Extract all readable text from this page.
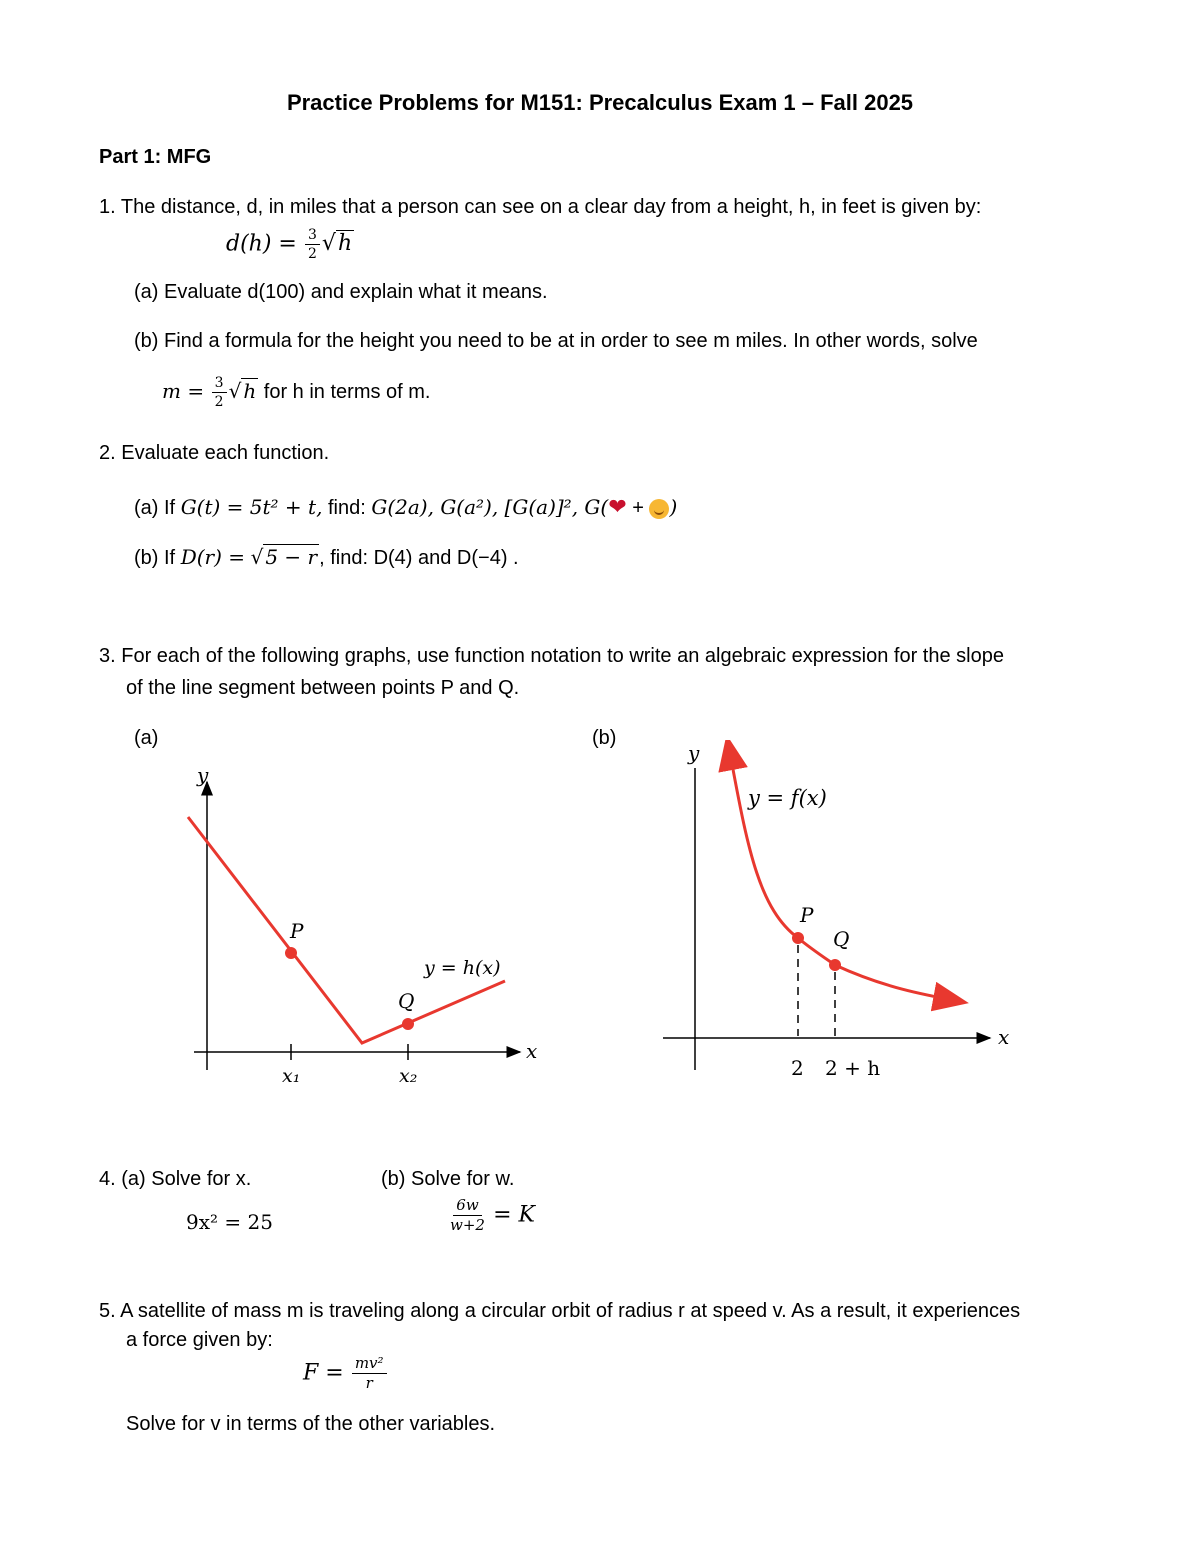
Practice Problems for M151: Precalculus Exam 1 – Fall 2025
Part 1: MFG
1. The distance, d, in miles that a person can see on a clear day from a height, h, in feet is given by:
$d(h) = \frac{3}{2} √h$
(a) Evaluate d(100) and explain what it means.
(b) Find a formula for the height you need to be at in order to see m miles. In other words, solve
$m = \frac{3}{2}$ √ h for h in terms of m.
2. Evaluate each function.
(a) If G(t) = 5t² + t, find: G(2a), G(a²), [G(a)]², G(❤ + )
(b) If D(r) = √ 5 − r , find: D(4) and D(−4) .
3. For each of the following graphs, use function notation to write an algebraic expression for the slope
of the line segment between points P and Q.
(a)	(b)
y
x
P
Q
y = h(x)
x₁	x₂
y
x
P
Q
y = f(x)
2 2 + h
4. (a) Solve for x.
9x² = 25
(b) Solve for w.
$\frac{6w}{w+2} = K$
5. A satellite of mass m is traveling along a circular orbit of radius r at speed v. As a result, it experiences
a force given by:
$F = \frac{\text{mv²}}{r}$
Solve for v in terms of the other variables.
